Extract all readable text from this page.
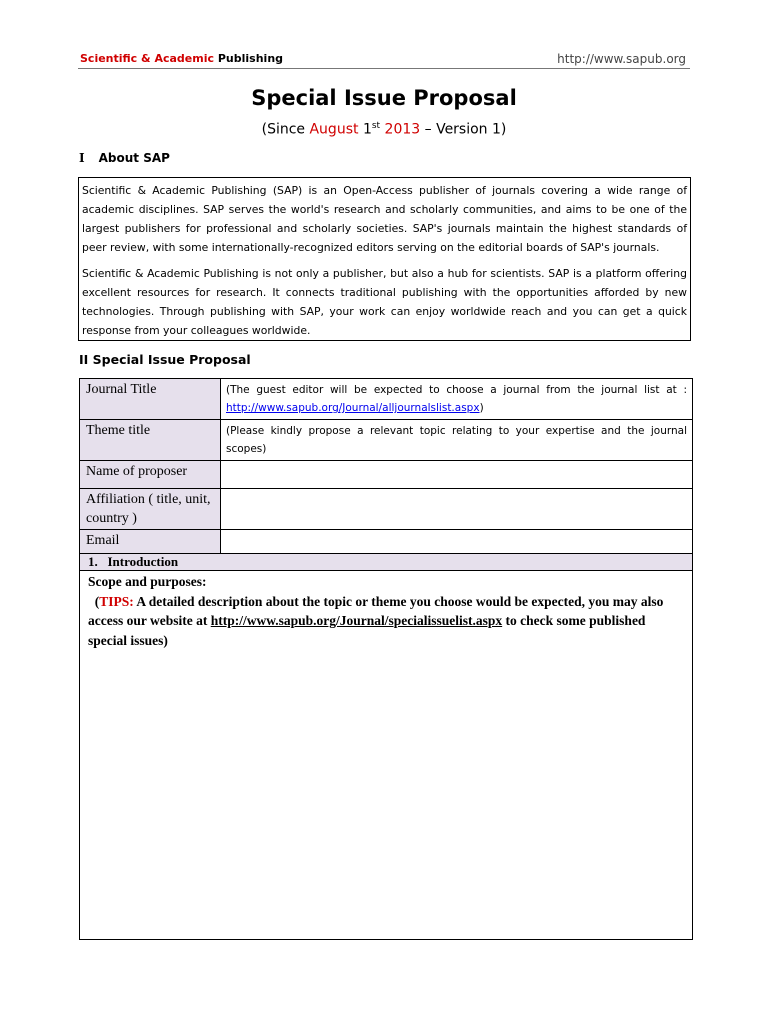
Scientific & Academic Publishing	http://www.sapub.org
Special Issue Proposal
(Since August 1st 2013 – Version 1)
I About SAP

Scientific & Academic Publishing (SAP) is an Open-Access publisher of journals covering a wide range of academic disciplines. SAP serves the world's research and scholarly communities, and aims to be one of the largest publishers for professional and scholarly societies. SAP's journals maintain the highest standards of peer review, with some internationally-recognized editors serving on the editorial boards of SAP's journals.

Scientific & Academic Publishing is not only a publisher, but also a hub for scientists. SAP is a platform offering excellent resources for research. It connects traditional publishing with the opportunities afforded by new technologies. Through publishing with SAP, your work can enjoy worldwide reach and you can get a quick response from your colleagues worldwide.

II Special Issue Proposal
Journal Title	(The guest editor will be expected to choose a journal from the journal list at : http://www.sapub.org/Journal/alljournalslist.aspx)
Theme title	(Please kindly propose a relevant topic relating to your expertise and the journal scopes)
Name of proposer	
Affiliation ( title, unit, country )	
Email	
1.   Introduction	

Scope and purposes:
(TIPS: A detailed description about the topic or theme you choose would be expected, you may also access our website at http://www.sapub.org/Journal/specialissuelist.aspx to check some published special issues)	
